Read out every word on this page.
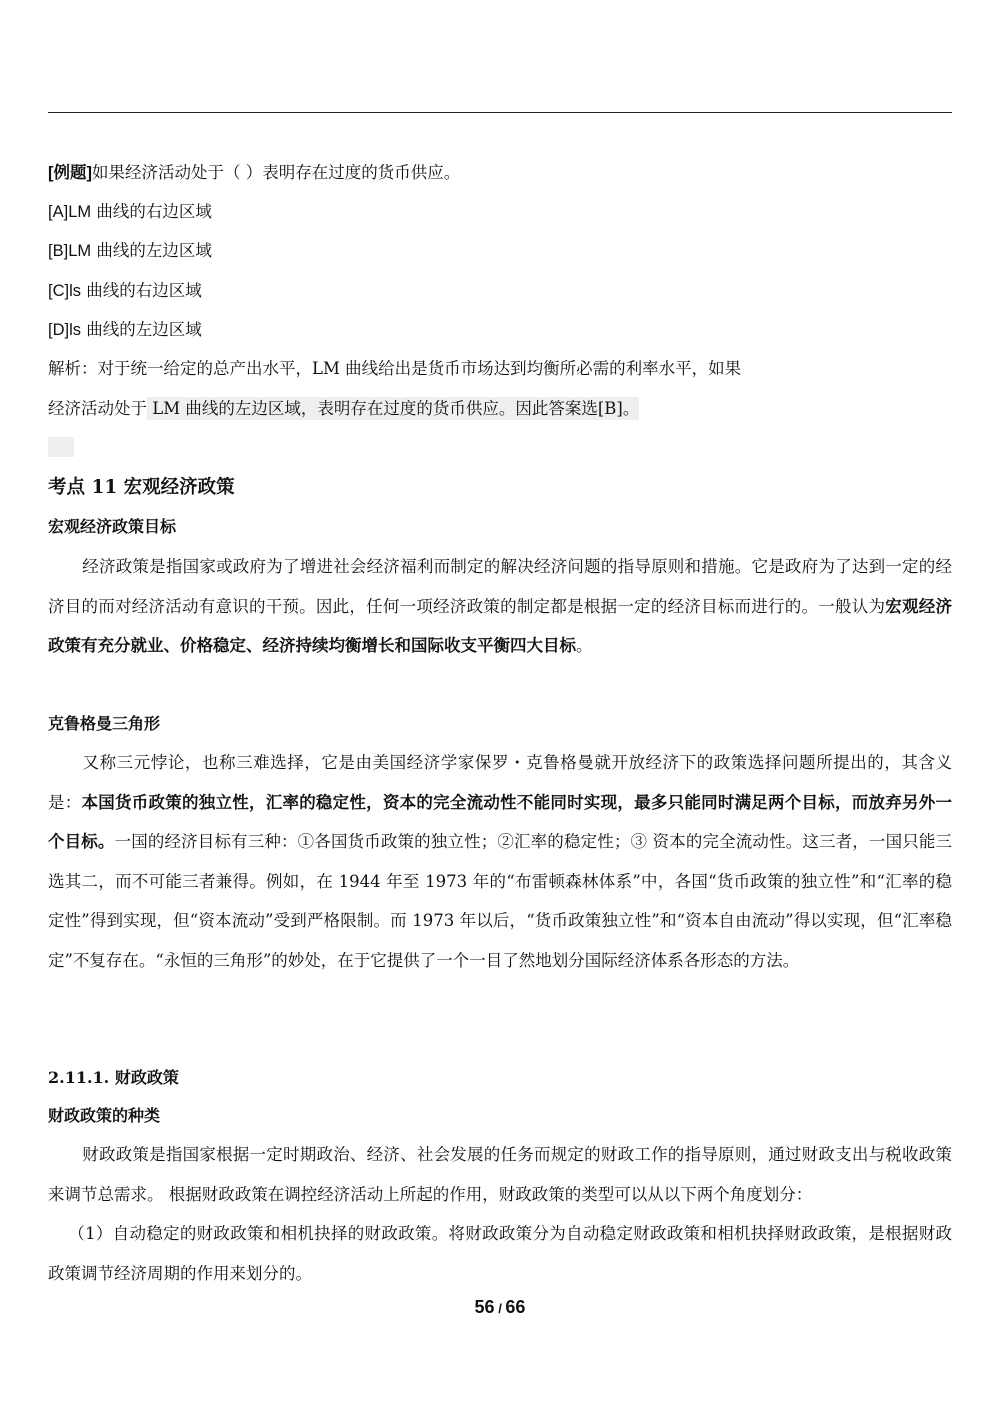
[例题]如果经济活动处于（ ）表明存在过度的货币供应。
[A]LM 曲线的右边区域
[B]LM 曲线的左边区域
[C]ls 曲线的右边区域
[D]ls 曲线的左边区域
解析：对于统一给定的总产出水平，LM 曲线给出是货币市场达到均衡所必需的利率水平，如果
经济活动处于 LM 曲线的左边区域，表明存在过度的货币供应。因此答案选[B]。
考点 11 宏观经济政策
宏观经济政策目标
经济政策是指国家或政府为了增进社会经济福利而制定的解决经济问题的指导原则和措施。它是政府为了达到一定的经济目的而对经济活动有意识的干预。因此，任何一项经济政策的制定都是根据一定的经济目标而进行的。一般认为宏观经济政策有充分就业、价格稳定、经济持续均衡增长和国际收支平衡四大目标。
克鲁格曼三角形
又称三元悖论，也称三难选择，它是由美国经济学家保罗・克鲁格曼就开放经济下的政策选择问题所提出的，其含义是：本国货币政策的独立性，汇率的稳定性，资本的完全流动性不能同时实现，最多只能同时满足两个目标，而放弃另外一个目标。一国的经济目标有三种：①各国货币政策的独立性；②汇率的稳定性；③ 资本的完全流动性。这三者，一国只能三选其二，而不可能三者兼得。例如，在 1944 年至 1973 年的“布雷顿森林体系”中，各国“货币政策的独立性”和“汇率的稳定性”得到实现，但“资本流动”受到严格限制。而 1973 年以后，“货币政策独立性”和“资本自由流动”得以实现，但“汇率稳定”不复存在。“永恒的三角形”的妙处，在于它提供了一个一目了然地划分国际经济体系各形态的方法。
2.11.1. 财政政策
财政政策的种类
财政政策是指国家根据一定时期政治、经济、社会发展的任务而规定的财政工作的指导原则，通过财政支出与税收政策来调节总需求。 根据财政政策在调控经济活动上所起的作用，财政政策的类型可以从以下两个角度划分：
（1）自动稳定的财政政策和相机抉择的财政政策。将财政政策分为自动稳定财政政策和相机抉择财政政策，是根据财政政策调节经济周期的作用来划分的。
56 / 66
